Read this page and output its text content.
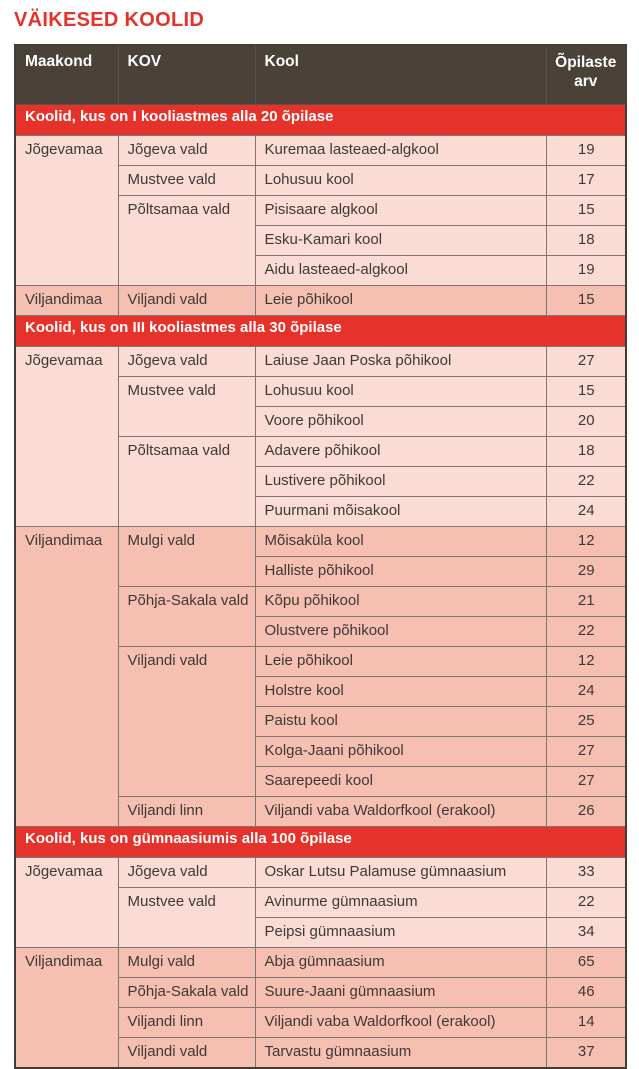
VÄIKESED KOOLID
Maakond	KOV	Kool	Õpilaste arv
Koolid, kus on I kooliastmes alla 20 õpilase			
Jõgevamaa	Jõgeva vald	Kuremaa lasteaed-algkool	19
	Mustvee vald	Lohusuu kool	17
	Põltsamaa vald	Pisisaare algkool	15
		Esku-Kamari kool	18
		Aidu lasteaed-algkool	19
Viljandimaa	Viljandi vald	Leie põhikool	15
Koolid, kus on III kooliastmes alla 30 õpilase			
Jõgevamaa	Jõgeva vald	Laiuse Jaan Poska põhikool	27
	Mustvee vald	Lohusuu kool	15
		Voore põhikool	20
	Põltsamaa vald	Adavere põhikool	18
		Lustivere põhikool	22
		Puurmani mõisakool	24
Viljandimaa	Mulgi vald	Mõisaküla kool	12
		Halliste põhikool	29
	Põhja-Sakala vald	Kõpu põhikool	21
		Olustvere põhikool	22
	Viljandi vald	Leie põhikool	12
		Holstre kool	24
		Paistu kool	25
		Kolga-Jaani põhikool	27
		Saarepeedi kool	27
	Viljandi linn	Viljandi vaba Waldorfkool (erakool)	26
Koolid, kus on gümnaasiumis alla 100 õpilase			
Jõgevamaa	Jõgeva vald	Oskar Lutsu Palamuse gümnaasium	33
	Mustvee vald	Avinurme gümnaasium	22
		Peipsi gümnaasium	34
Viljandimaa	Mulgi vald	Abja gümnaasium	65
	Põhja-Sakala vald	Suure-Jaani gümnaasium	46
	Viljandi linn	Viljandi vaba Waldorfkool (erakool)	14
	Viljandi vald	Tarvastu gümnaasium	37
